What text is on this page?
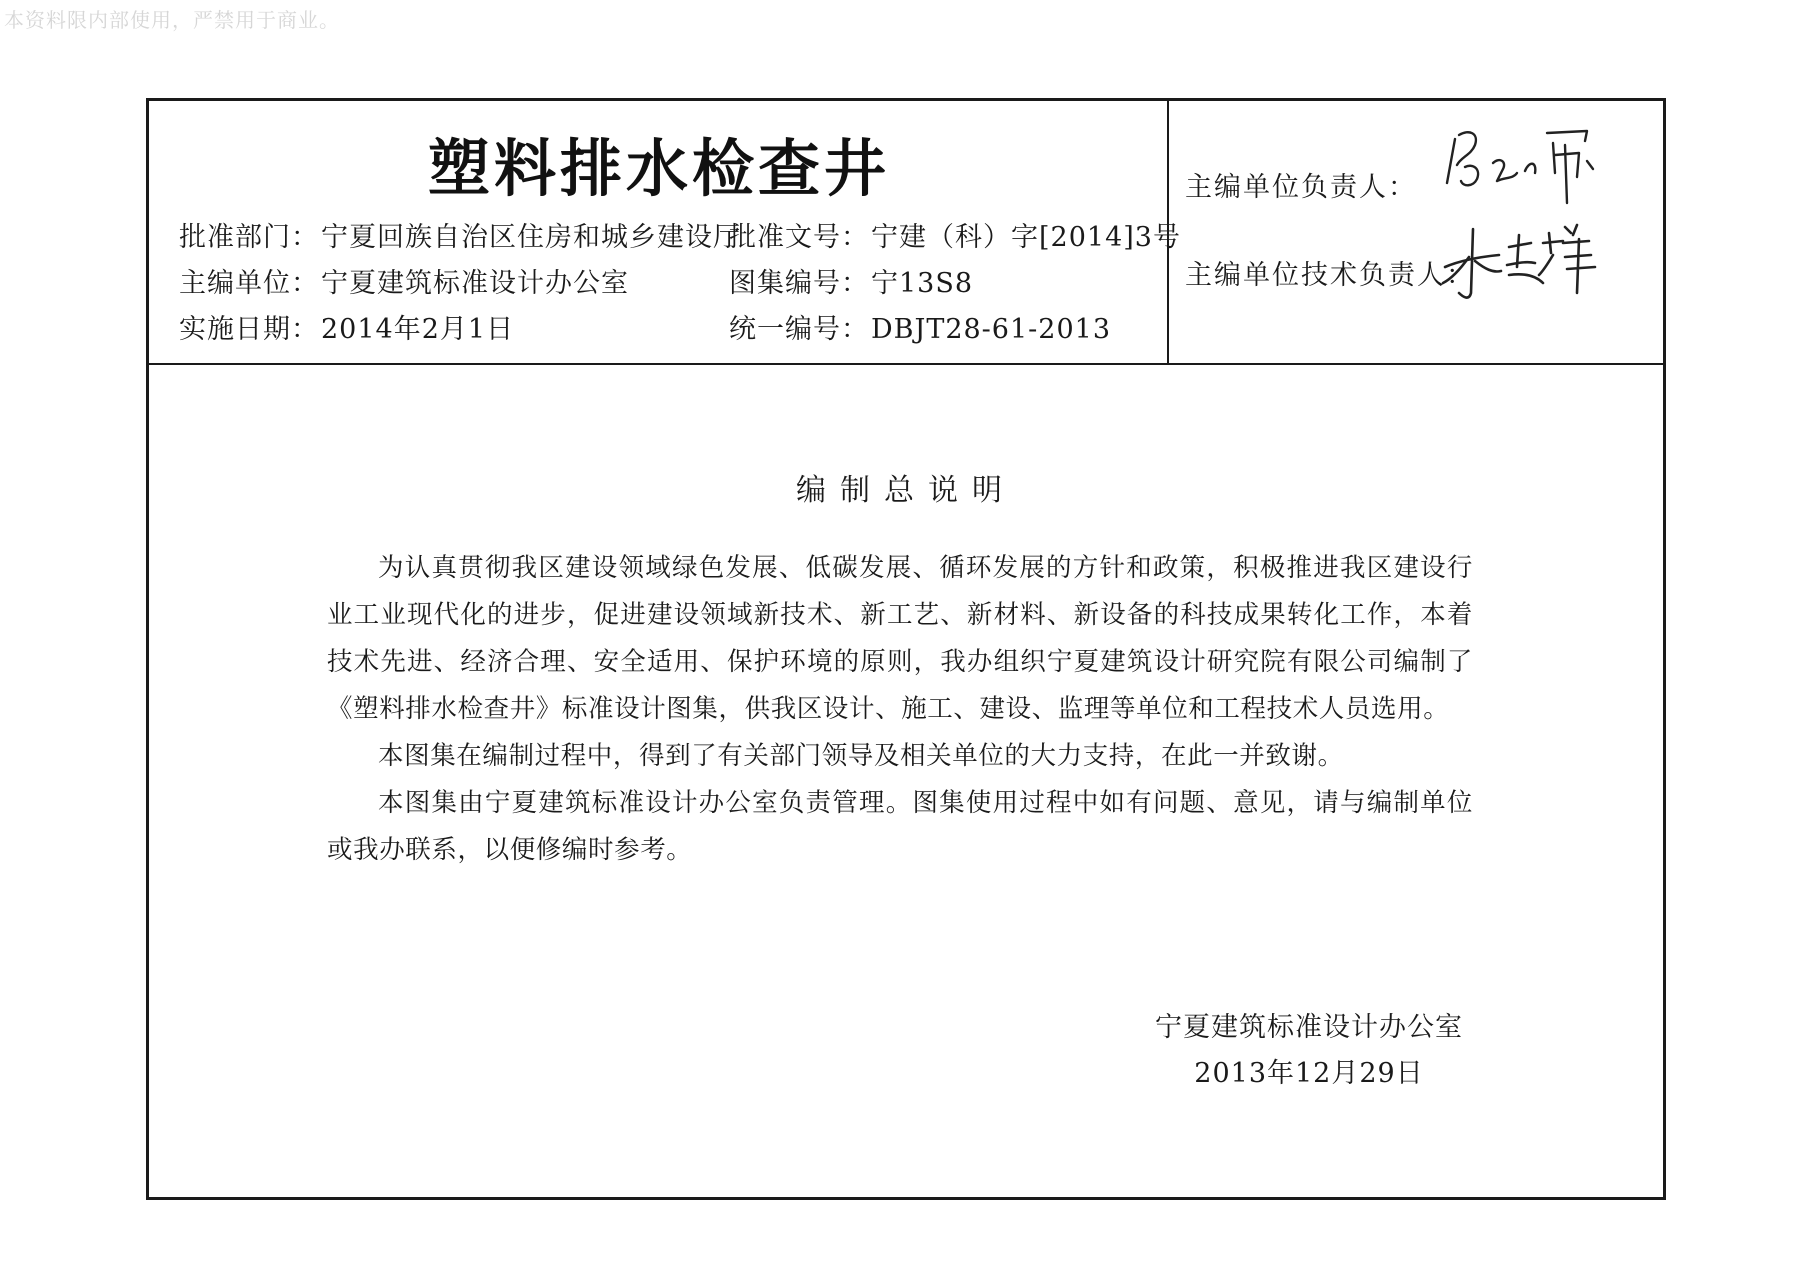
本资料限内部使用，严禁用于商业。
塑料排水检查井
批准部门：宁夏回族自治区住房和城乡建设厅
批准文号：宁建（科）字[2014]3号
主编单位：宁夏建筑标准设计办公室	图集编号：宁13S8
实施日期：2014年2月1日	统一编号：DBJT28-61-2013
主编单位负责人：
主编单位技术负责人：
编制总说明

为认真贯彻我区建设领域绿色发展、低碳发展、循环发展的方针和政策，积极推进我区建设行业工业现代化的进步，促进建设领域新技术、新工艺、新材料、新设备的科技成果转化工作，本着技术先进、经济合理、安全适用、保护环境的原则，我办组织宁夏建筑设计研究院有限公司编制了《塑料排水检查井》标准设计图集，供我区设计、施工、建设、监理等单位和工程技术人员选用。

本图集在编制过程中，得到了有关部门领导及相关单位的大力支持，在此一并致谢。

本图集由宁夏建筑标准设计办公室负责管理。图集使用过程中如有问题、意见，请与编制单位或我办联系，以便修编时参考。

宁夏建筑标准设计办公室
2013年12月29日
